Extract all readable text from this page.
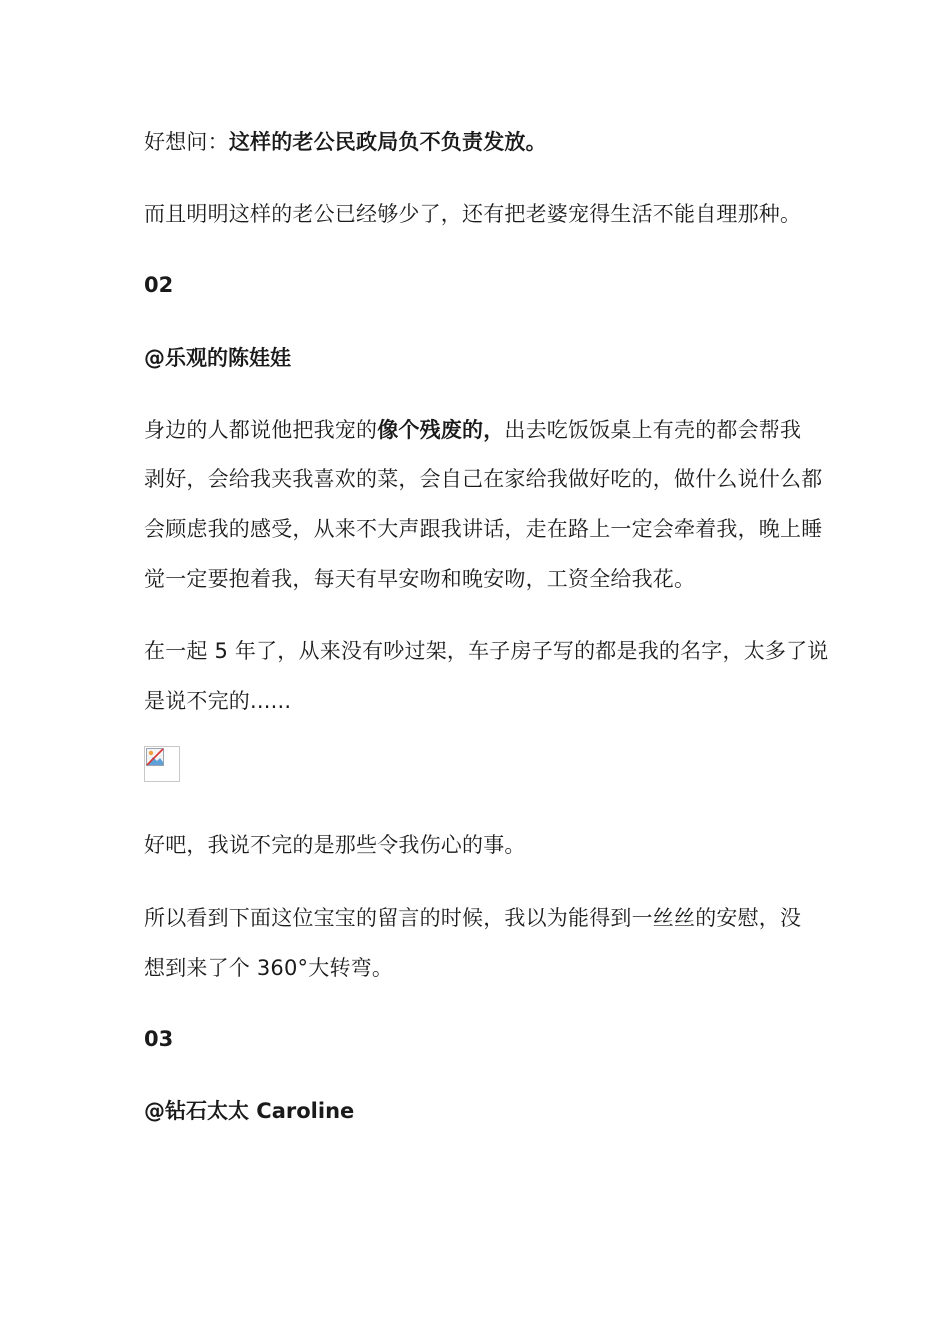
好想问：这样的老公民政局负不负责发放。
而且明明这样的老公已经够少了，还有把老婆宠得生活不能自理那种。
02
@乐观的陈娃娃
身边的人都说他把我宠的像个残废的，出去吃饭饭桌上有壳的都会帮我
剥好，会给我夹我喜欢的菜，会自己在家给我做好吃的，做什么说什么都
会顾虑我的感受，从来不大声跟我讲话，走在路上一定会牵着我，晚上睡
觉一定要抱着我，每天有早安吻和晚安吻，工资全给我花。
在一起 5 年了，从来没有吵过架，车子房子写的都是我的名字，太多了说
是说不完的......
好吧，我说不完的是那些令我伤心的事。
所以看到下面这位宝宝的留言的时候，我以为能得到一丝丝的安慰，没
想到来了个 360°大转弯。
03
@钻石太太 Caroline
